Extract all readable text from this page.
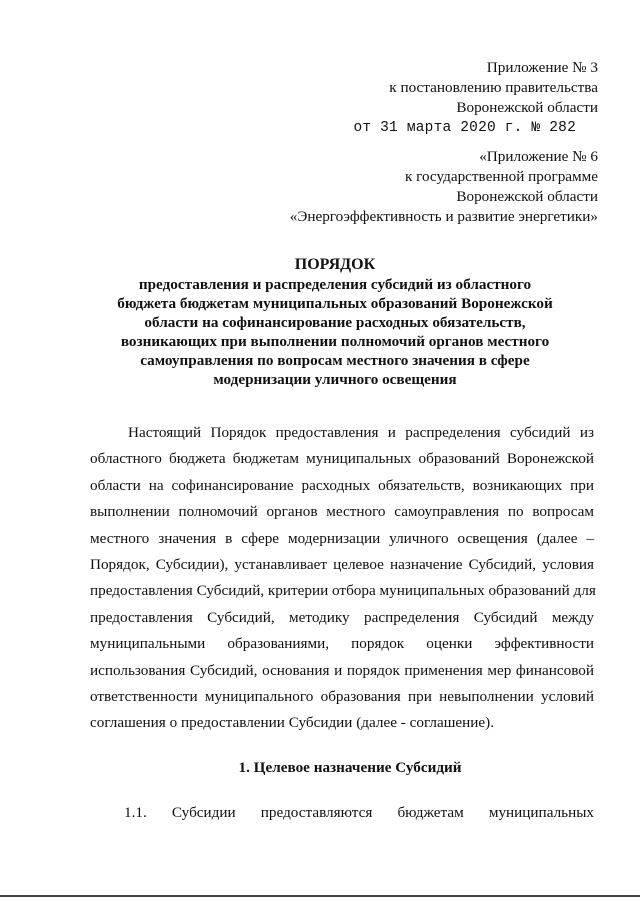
Приложение № 3
к постановлению правительства
Воронежской области
от 31 марта 2020 г. № 282
«Приложение № 6
к государственной программе
Воронежской области
«Энергоэффективность и развитие энергетики»
ПОРЯДОК
предоставления и распределения субсидий из областного
бюджета бюджетам муниципальных образований Воронежской
области на софинансирование расходных обязательств,
возникающих при выполнении полномочий органов местного
самоуправления по вопросам местного значения в сфере
модернизации уличного освещения
Настоящий Порядок предоставления и распределения субсидий из
областного бюджета бюджетам муниципальных образований Воронежской
области на софинансирование расходных обязательств, возникающих при
выполнении полномочий органов местного самоуправления по вопросам
местного значения в сфере модернизации уличного освещения (далее –
Порядок, Субсидии), устанавливает целевое назначение Субсидий, условия
предоставления Субсидий, критерии отбора муниципальных образований для
предоставления Субсидий, методику распределения Субсидий между
муниципальными образованиями, порядок оценки эффективности
использования Субсидий, основания и порядок применения мер финансовой
ответственности муниципального образования при невыполнении условий
соглашения о предоставлении Субсидии (далее - соглашение).
1. Целевое назначение Субсидий
1.1. Субсидии предоставляются бюджетам муниципальных
